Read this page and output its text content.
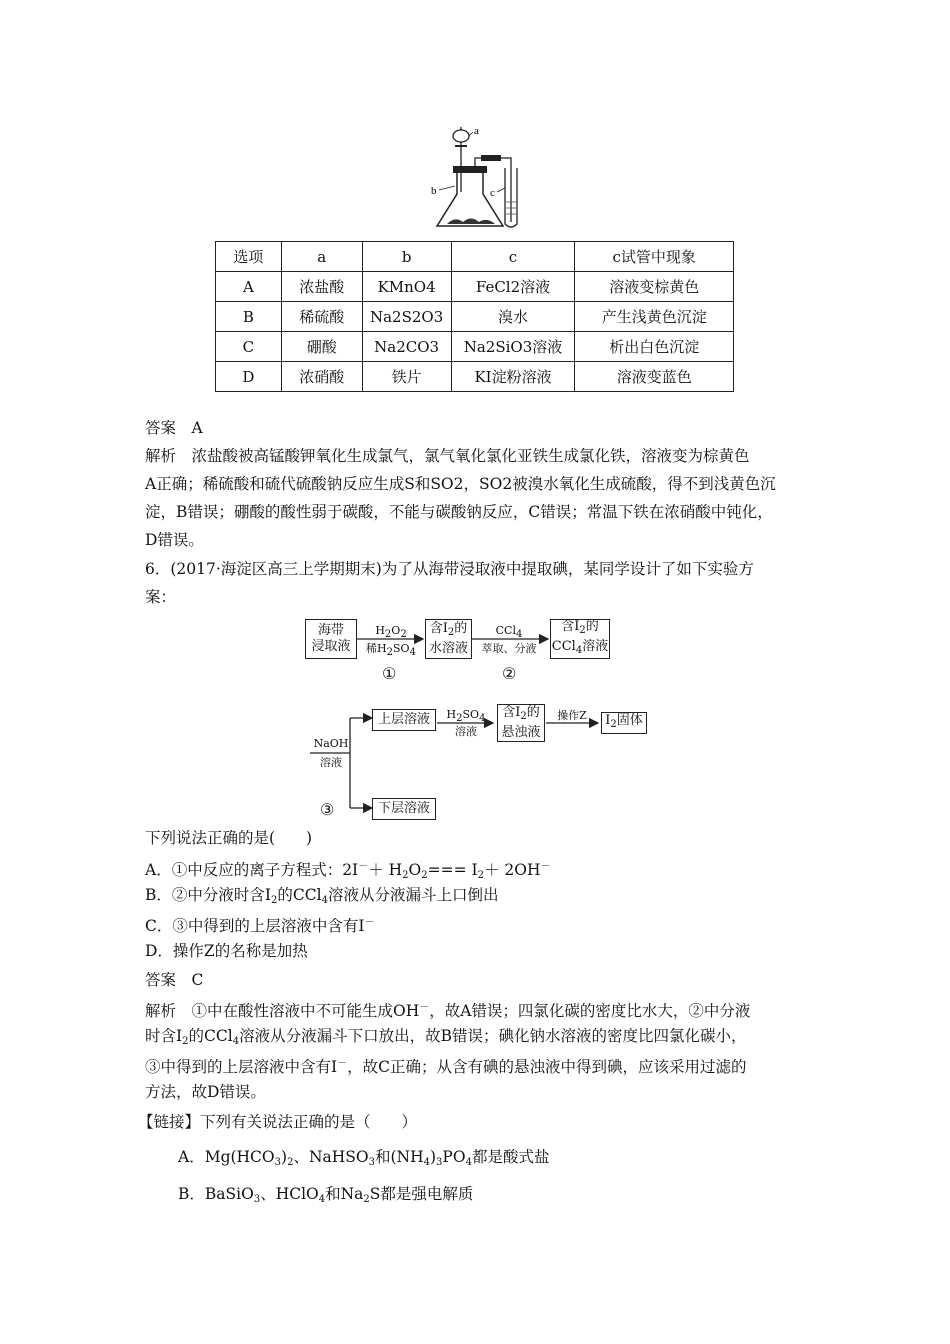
a
b	c
选项	a	b	c	c试管中现象
A	浓盐酸	KMnO4	FeCl2溶液	溶液变棕黄色
B	稀硫酸	Na2S2O3	溴水	产生浅黄色沉淀
C	硼酸	Na2CO3	Na2SiO3溶液	析出白色沉淀
D	浓硝酸	铁片	KI淀粉溶液	溶液变蓝色
答案　A
解析　浓盐酸被高锰酸钾氧化生成氯气，氯气氧化氯化亚铁生成氯化铁，溶液变为棕黄色
A正确；稀硫酸和硫代硫酸钠反应生成S和SO2，SO2被溴水氧化生成硫酸，得不到浅黄色沉
淀，B错误；硼酸的酸性弱于碳酸，不能与碳酸钠反应，C错误；常温下铁在浓硝酸中钝化，
D错误。
6．(2017·海淀区高三上学期期末)为了从海带浸取液中提取碘，某同学设计了如下实验方
案：
海带
浸取液
$H_2O_2$
稀$H_2SO_4$
含$I_2$的
水溶液
CCl$_4$
萃取、分液
含$I_2$的
CCl$_4$溶液
①	②
上层溶液	$H_2SO_4$
溶液
含$I_2$的
悬浊液
操作Z	$I_2$固体
NaOH
溶液
③	下层溶液
下列说法正确的是(　　)
A．①中反应的离子方程式：$2I^-+ H_2O_2=== I_2+ 2OH^-$
B．②中分液时含$I_2$的CCl$_4$溶液从分液漏斗上口倒出
C．③中得到的上层溶液中含有I－
D．操作Z的名称是加热
答案　C
解析　①中在酸性溶液中不可能生成OH－，故A错误；四氯化碳的密度比水大，②中分液
时含$I_2$的CCl$_4$溶液从分液漏斗下口放出，故B错误；碘化钠水溶液的密度比四氯化碳小，
③中得到的上层溶液中含有I－，故C正确；从含有碘的悬浊液中得到碘，应该采用过滤的
方法，故D错误。
【链接】下列有关说法正确的是（　　）
A．$Mg(HCO_3)_2$、NaHSO$_3$和$(NH_4)_3PO_4$都是酸式盐
B．BaSiO$_3$、HClO$_4$和$Na_2S$都是强电解质
